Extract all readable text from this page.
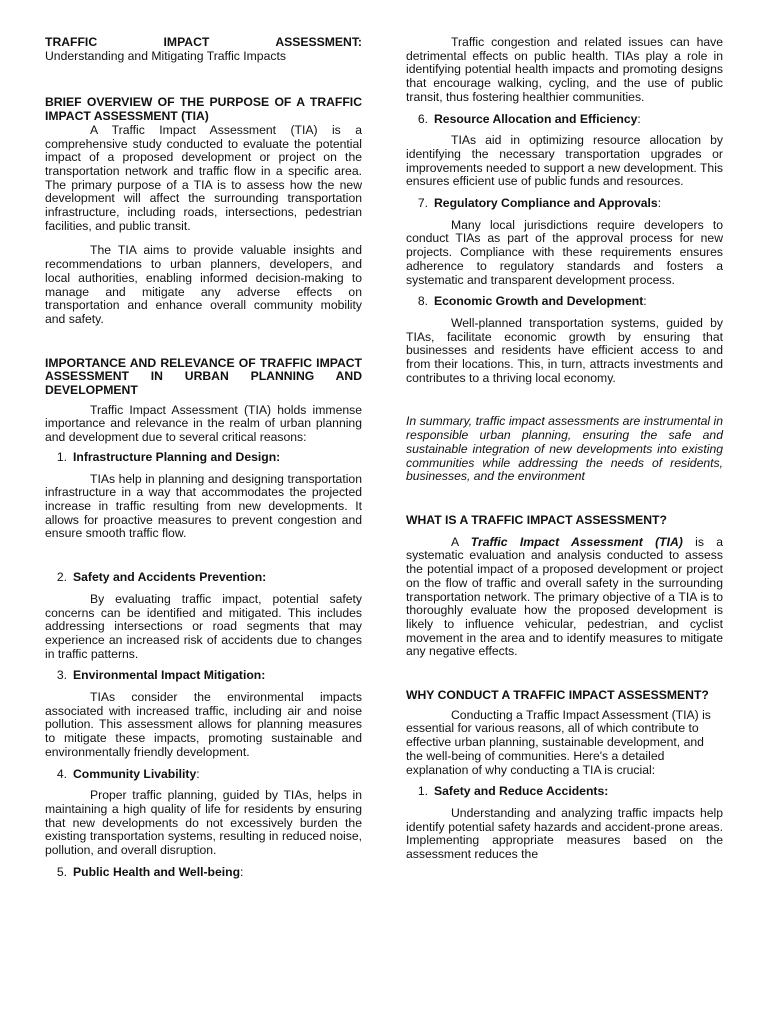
TRAFFIC IMPACT ASSESSMENT:

Understanding and Mitigating Traffic Impacts

BRIEF OVERVIEW OF THE PURPOSE OF A TRAFFIC IMPACT ASSESSMENT (TIA)

A Traffic Impact Assessment (TIA) is a comprehensive study conducted to evaluate the potential impact of a proposed development or project on the transportation network and traffic flow in a specific area. The primary purpose of a TIA is to assess how the new development will affect the surrounding transportation infrastructure, including roads, intersections, pedestrian facilities, and public transit.

The TIA aims to provide valuable insights and recommendations to urban planners, developers, and local authorities, enabling informed decision-making to manage and mitigate any adverse effects on transportation and enhance overall community mobility and safety.

IMPORTANCE AND RELEVANCE OF TRAFFIC IMPACT ASSESSMENT IN URBAN PLANNING AND DEVELOPMENT

Traffic Impact Assessment (TIA) holds immense importance and relevance in the realm of urban planning and development due to several critical reasons:

1. Infrastructure Planning and Design:

TIAs help in planning and designing transportation infrastructure in a way that accommodates the projected increase in traffic resulting from new developments. It allows for proactive measures to prevent congestion and ensure smooth traffic flow.

2. Safety and Accidents Prevention:

By evaluating traffic impact, potential safety concerns can be identified and mitigated. This includes addressing intersections or road segments that may experience an increased risk of accidents due to changes in traffic patterns.

3. Environmental Impact Mitigation:

TIAs consider the environmental impacts associated with increased traffic, including air and noise pollution. This assessment allows for planning measures to mitigate these impacts, promoting sustainable and environmentally friendly development.

4. Community Livability:

Proper traffic planning, guided by TIAs, helps in maintaining a high quality of life for residents by ensuring that new developments do not excessively burden the existing transportation systems, resulting in reduced noise, pollution, and overall disruption.

5. Public Health and Well-being:

Traffic congestion and related issues can have detrimental effects on public health. TIAs play a role in identifying potential health impacts and promoting designs that encourage walking, cycling, and the use of public transit, thus fostering healthier communities.

6. Resource Allocation and Efficiency:

TIAs aid in optimizing resource allocation by identifying the necessary transportation upgrades or improvements needed to support a new development. This ensures efficient use of public funds and resources.

7. Regulatory Compliance and Approvals:

Many local jurisdictions require developers to conduct TIAs as part of the approval process for new projects. Compliance with these requirements ensures adherence to regulatory standards and fosters a systematic and transparent development process.

8. Economic Growth and Development:

Well-planned transportation systems, guided by TIAs, facilitate economic growth by ensuring that businesses and residents have efficient access to and from their locations. This, in turn, attracts investments and contributes to a thriving local economy.

In summary, traffic impact assessments are instrumental in responsible urban planning, ensuring the safe and sustainable integration of new developments into existing communities while addressing the needs of residents, businesses, and the environment

WHAT IS A TRAFFIC IMPACT ASSESSMENT?

A Traffic Impact Assessment (TIA) is a systematic evaluation and analysis conducted to assess the potential impact of a proposed development or project on the flow of traffic and overall safety in the surrounding transportation network. The primary objective of a TIA is to thoroughly evaluate how the proposed development is likely to influence vehicular, pedestrian, and cyclist movement in the area and to identify measures to mitigate any negative effects.

WHY CONDUCT A TRAFFIC IMPACT ASSESSMENT?

Conducting a Traffic Impact Assessment (TIA) is essential for various reasons, all of which contribute to effective urban planning, sustainable development, and the well-being of communities. Here's a detailed explanation of why conducting a TIA is crucial:

1. Safety and Reduce Accidents:

Understanding and analyzing traffic impacts help identify potential safety hazards and accident-prone areas. Implementing appropriate measures based on the assessment reduces the
